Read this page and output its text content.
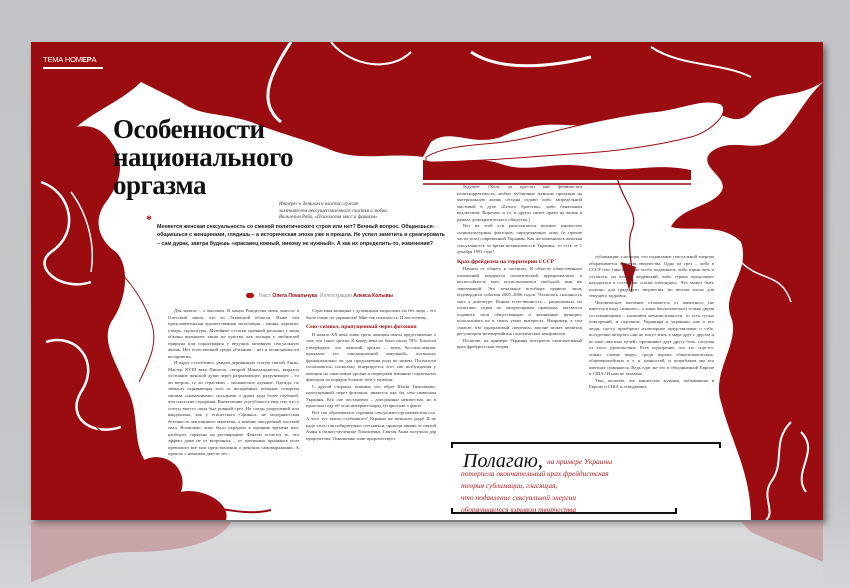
ТЕМА НОМЕРА
Особенности
национального
оргазма
Интерес к деньгам и власти служит
заменителем неосуществленного счастья в любви.
Вильгельм Райх, «Психология масс и фашизм»
*
Меняется женская сексуальность со сменой политического строя или нет? Вечный вопрос. Общаешься-общаешься с женщинами, глядишь – а историческая эпоха уже и прошла. Не успел заметить и среагировать – сам дурак, завтра будешь «красавец южный, никому не нужный». А как их определить-то, изменения?
Текст Олега Покальчука Иллюстрации Алекса Колывы

Для начала – о высоком. В канун Рождества меня занесло в Олесский замок, что во Львовской области. Ныне там представительная художественная экспозиция – иконы, картины, утварь, скульптуры. Музейные остатки прежней роскоши у меня обычно вызывают такие же чувства, как зоопарк у любителей природы или порнография у ведущих активную сексуальную жизнь. Нет естественной среды обитания – нет и полноценности восприятия.

И вдруг остолбенел, увидев деревянную статую святой Анны. Мастер XVIII века Пинзель, «второй Микеланджело», выразил состояние женской души через разрывающее, раздувающее – то ли ветром, то ли страстями – монашеское одеяние. Одежда, по замыслу скрывающая тело от нескромных взглядов, говорила своими «окаменными» складками о драме куда более глубокой, чем плотские страдания. Впечатление усугублялось еще тем, что у статуи вместо лица был ровный срез. Не следы разрушений или вандализма, как у египетского Сфинкса, не модернистская безликость магазинного манекена, а именно аккуратный плоский овал. Возможно, лицо было украдено в прежние времена или, наоборот, спрятано на реставрацию. Фактом остается то, что эффект даже не от вторичных – от третичных признаков пола превзошел все мои представления о женском самовыражении. А прошло с немалым двести лет...

Страстная женщина с духовными запросами, но без лица – это было очень по-украински! Мне так показалось. И вот почему.

Секс-символ, пропущенный через фотошоп

В начале XX века лишь треть женщин имела представление о том, что такое оргазм. К концу века их было около 70%. Биологи утверждают, что женский оргазм – вещь бессмысленная, называют его «эволюционной ловушкой», поскольку функционально он для продолжения рода не нужен. Психологи соглашаются, поскольку генерируется этот тип возбуждения у женщин на смысловом уровне и подвержен влиянию социальных факторов на порядок больше, чем у мужчин.

С другой стороны, помним, что образ Юлии Тимошенко, пропущенный через фотошоп, является как бы секс-символом Украины. Кто сие постановил – доподлинно неизвестно, но в прошлом году об этом интернет-народ гутарил как о факте.

Вот так образовалась странная сексуально-оргазмическая ось. А чего тут такого особенного? Украина же женского рода! И не надо этого так избирательно стесняться, проводя линию от святой Анны к бизнес-мученице Тимошенко. Святая Анна получила дар пророчества, Тимошенко тоже пророчествует

будущее. (Хотя, да простят мне феминистки политкорректность, любые публичные женские проекции на материальную жизнь сегодня отдают либо запредельной мистикой в духе «Белого братства», либо банальным ведовством. Впрочем, и то, и другое имеет право на жизнь в рамках демократического общества.)

Вот на этой оси располагается великое множество социокультурных факторов, определяющих лицо (и прочие части тела) современной Украины. Как же изменилась женская сексуальность за время независимости Украины, то есть от 1 декабря 1991 года?

Крах фрейдизма на территории СССР

Начнем от общего к частному. В области общественных отношений воцарился политический иррационализм и неспособность масс воспользоваться свободой, ими же завоеванной. Это печальное всеобщее правило лишь подтвердили события 2005–2006 годов. Усилилась склонность масс к диктатуре. Всякая естественность – рациональна, но политики, играя по авторитарным правилам, пытаются подавить свои общественные и жизненные функции, использовать их в своих узких интересах. Например, в том смысле, что одноразовый «перепих» вполне может являться регулятором межпартийных политических конфликтов.

Полагаю, на примере Украины потерпела окончательный крах фрейдистская теория

сублимации, гласящая, что подавление сексуальной энергии оборачивается взрывом творчества. Одно из трех – либо в СССР секс таки был и не особо подавлялся, либо взрыв хоть и случился, но весьма жиденький, либо страна продолжает находиться в состоянии «coitus interruptus». Что может быть полезно для грядущего творчества, но весьма плохо для текущего здоровья.

Человеческое влечение отличается от животного (не имеется в виду «инишес», а лишь биологическое) только двумя составляющими – наличием механистичности, то есть тупых повторений, и садизмом. Украинцы и украинки, как и все люди, где-то приобрели иллюзорное представление о себе, вследствие которого они не могут жить в мире друг с другом и во имя «высших целей» причиняют друг другу боль, получая от этого удовольствие. Есть подозрение, что это «где-то» ложит, словно вирус, среди ворона общечеловеческих, общеевропейских и т. п. ценностей, и потребляем мы его ничтоже сумняшеся. Ведь едят же это в объединенной Европе и США? И нам не заказано.

Увы, полагаю, что множество мужчин, побывавших в Европе и США и отведавших

Полагаю, на примере Украины
потерпела окончательный крах фрейдистская
теория сублимации, гласящая,
что подавление сексуальной энергии
оборачивается взрывом творчества
